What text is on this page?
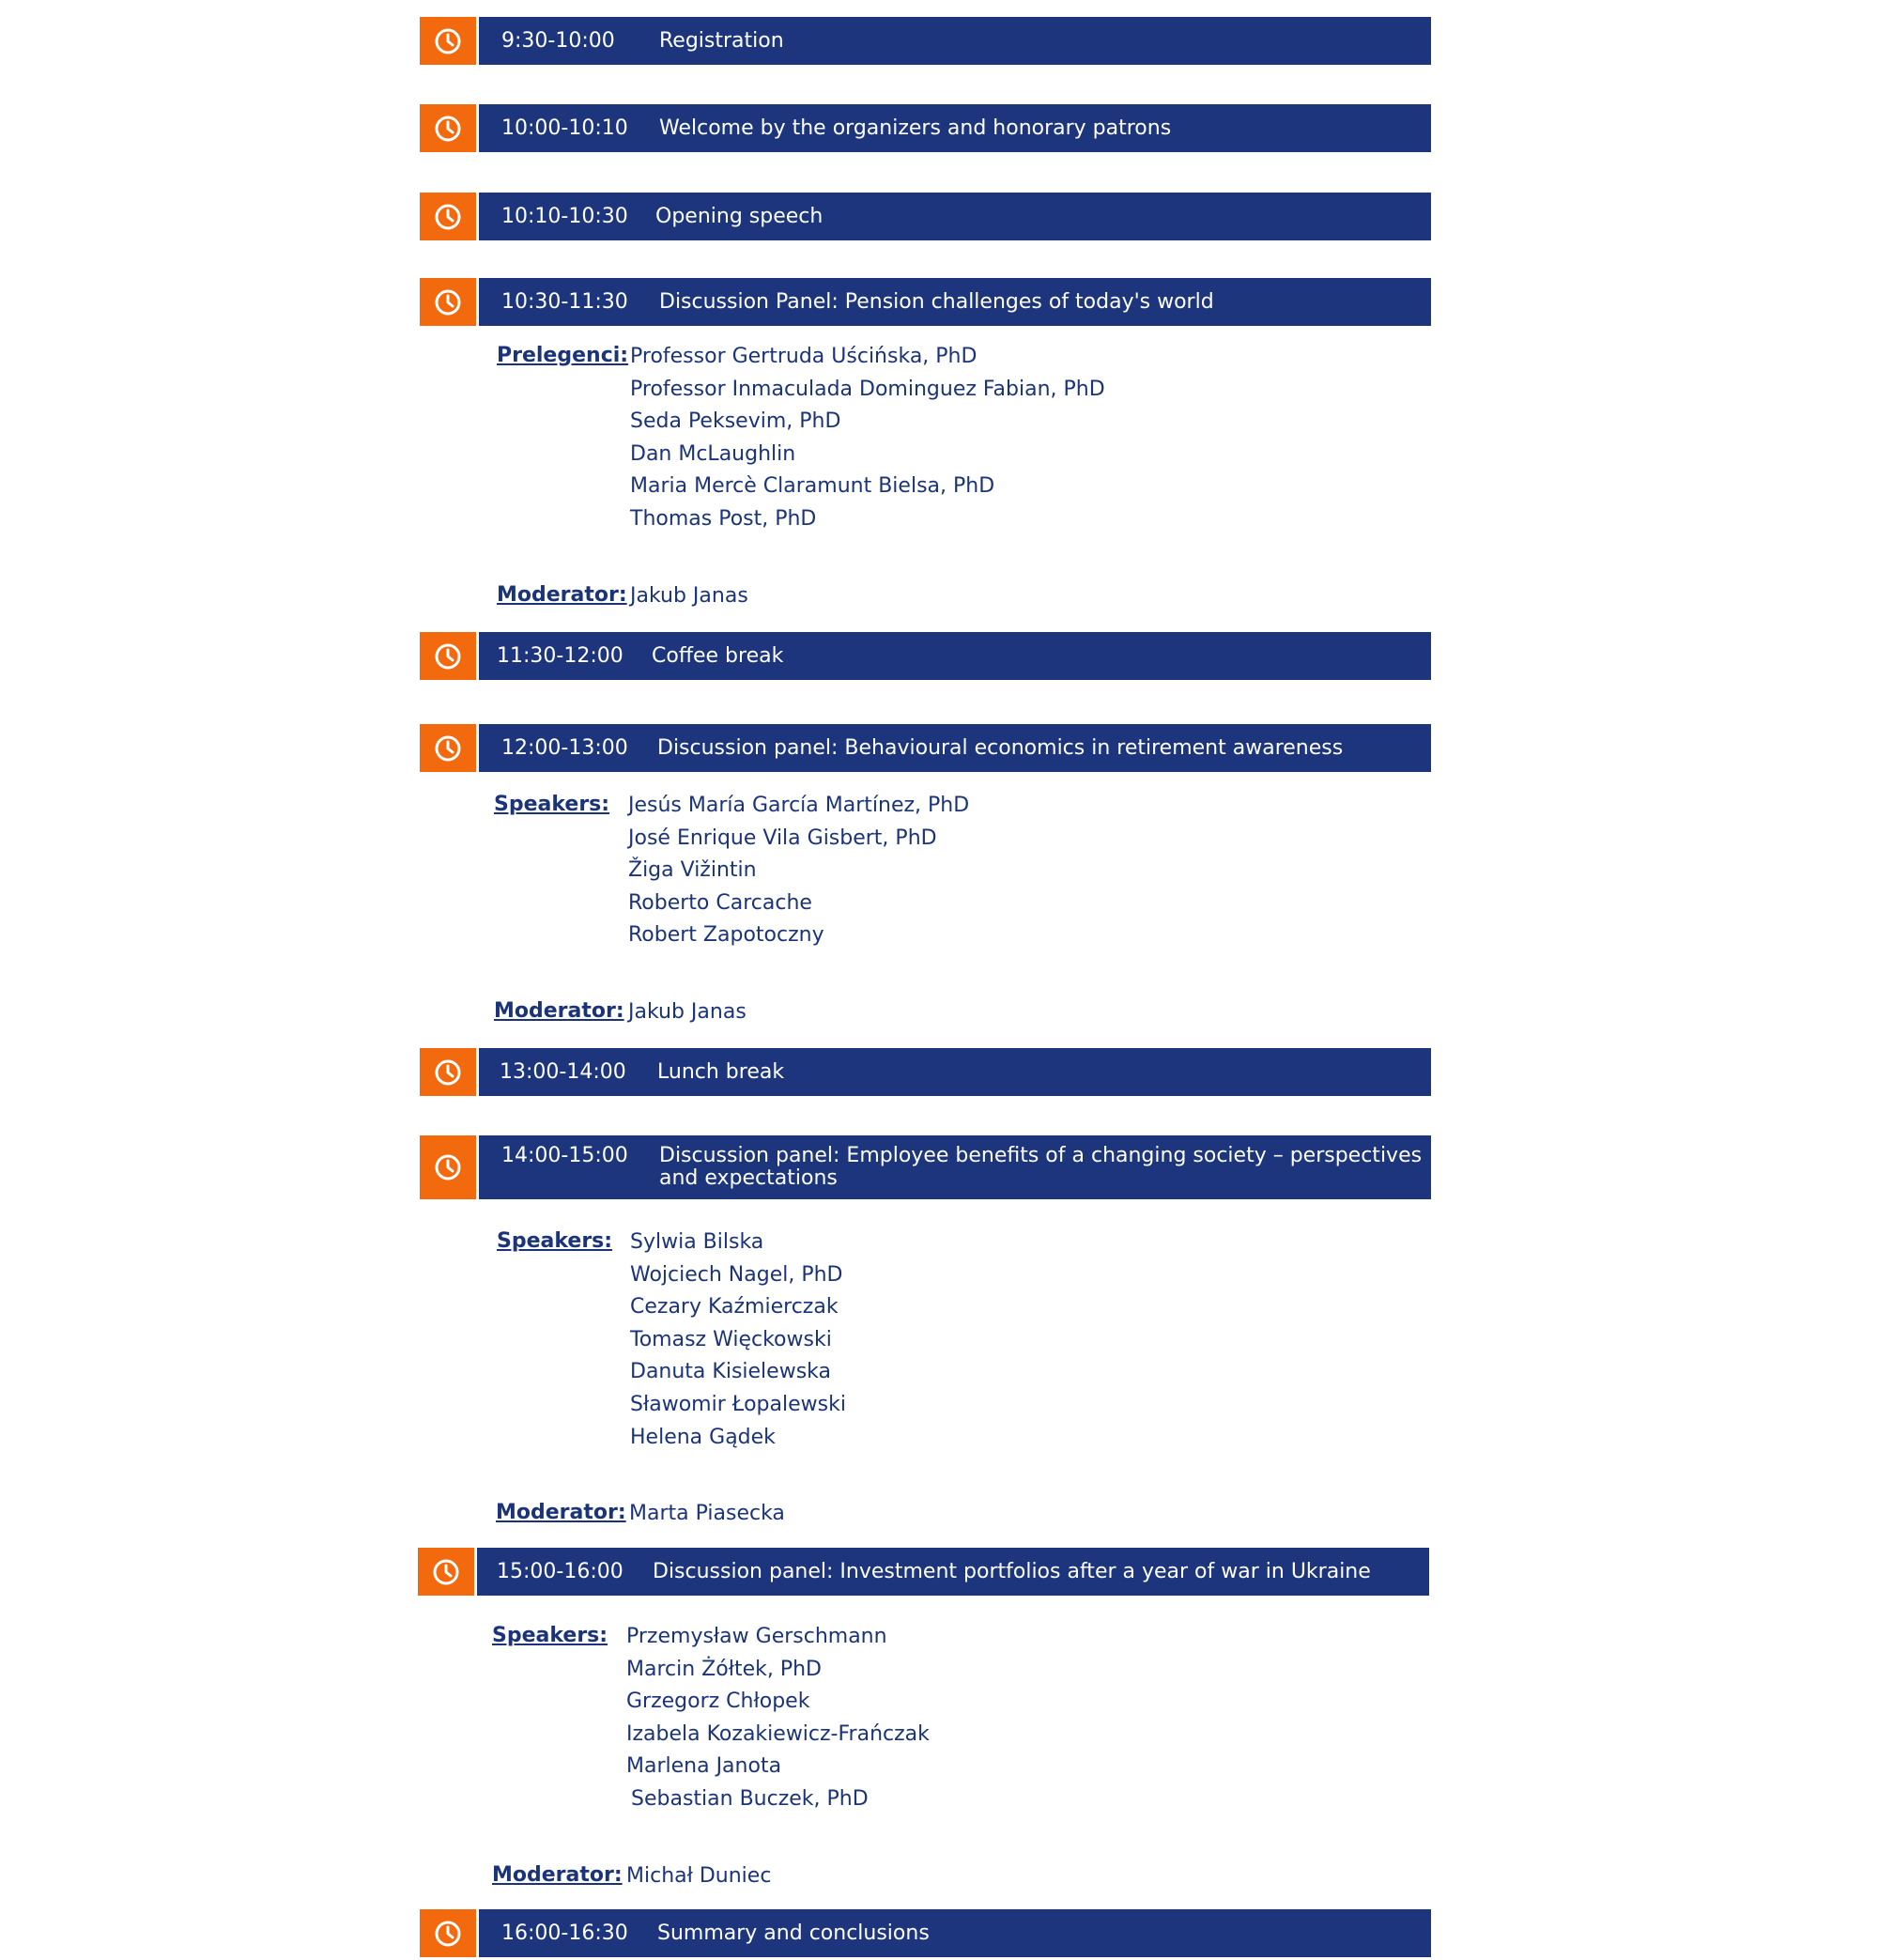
9:30-10:00 Registration
10:00-10:10 Welcome by the organizers and honorary patrons
10:10-10:30 Opening speech
10:30-11:30 Discussion Panel: Pension challenges of today's world
Prelegenci: Professor Gertruda Uścińska, PhD
Professor Inmaculada Dominguez Fabian, PhD
Seda Peksevim, PhD
Dan McLaughlin
Maria Mercè Claramunt Bielsa, PhD
Thomas Post, PhD
Moderator: Jakub Janas
11:30-12:00 Coffee break
12:00-13:00 Discussion panel: Behavioural economics in retirement awareness
Speakers: Jesús María García Martínez, PhD
José Enrique Vila Gisbert, PhD
Žiga Vižintin
Roberto Carcache
Robert Zapotoczny
Moderator: Jakub Janas
13:00-14:00 Lunch break
14:00-15:00 Discussion panel: Employee benefits of a changing society – perspectives and expectations
Speakers: Sylwia Bilska
Wojciech Nagel, PhD
Cezary Kaźmierczak
Tomasz Więckowski
Danuta Kisielewska
Sławomir Łopalewski
Helena Gądek
Moderator: Marta Piasecka
15:00-16:00 Discussion panel: Investment portfolios after a year of war in Ukraine
Speakers: Przemysław Gerschmann
Marcin Żółtek, PhD
Grzegorz Chłopek
Izabela Kozakiewicz-Frańczak
Marlena Janota
Sebastian Buczek, PhD
Moderator: Michał Duniec
16:00-16:30 Summary and conclusions
